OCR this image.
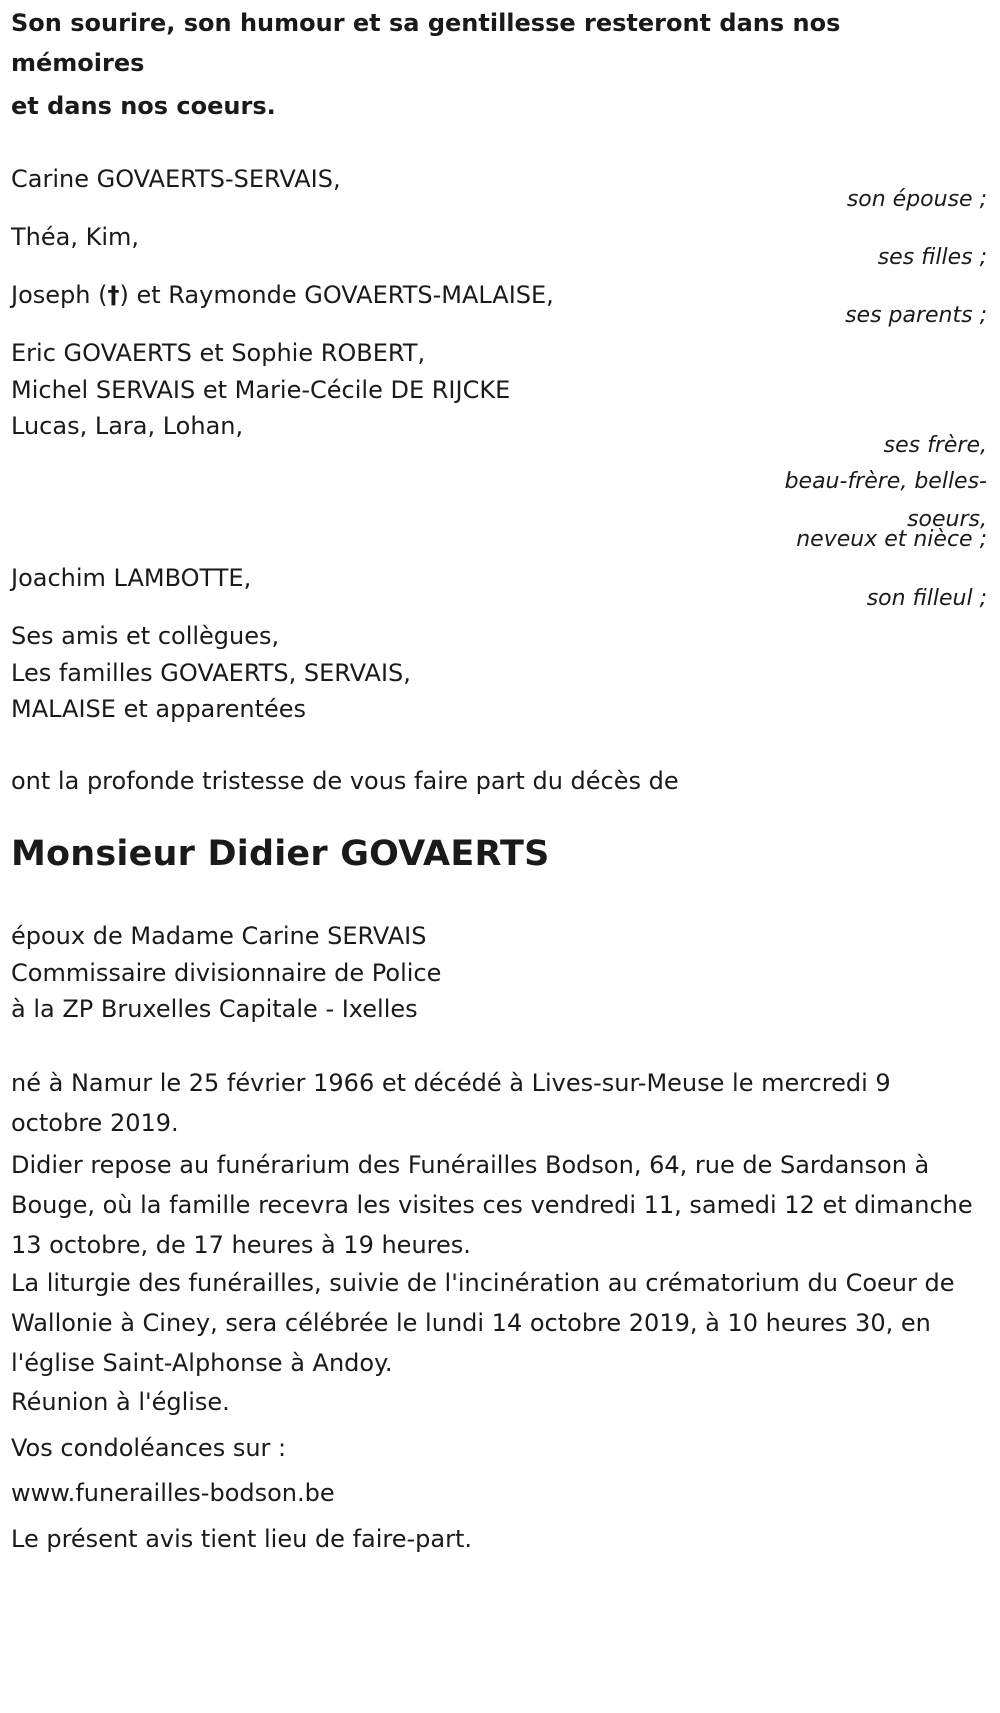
Son sourire, son humour et sa gentillesse resteront dans nos mémoires

et dans nos coeurs.

Carine GOVAERTS-SERVAIS,

son épouse ;

Théa, Kim,

ses filles ;

Joseph (†) et Raymonde GOVAERTS-MALAISE,

ses parents ;

Eric GOVAERTS et Sophie ROBERT,

Michel SERVAIS et Marie-Cécile DE RIJCKE

Lucas, Lara, Lohan,

ses frère,

beau-frère, belles-

soeurs,

neveux et nièce ;

Joachim LAMBOTTE,

son filleul ;

Ses amis et collègues,

Les familles GOVAERTS, SERVAIS,

MALAISE et apparentées

ont la profonde tristesse de vous faire part du décès de

Monsieur Didier GOVAERTS

époux de Madame Carine SERVAIS

Commissaire divisionnaire de Police

à la ZP Bruxelles Capitale - Ixelles

né à Namur le 25 février 1966 et décédé à Lives-sur-Meuse le mercredi 9 octobre 2019.

Didier repose au funérarium des Funérailles Bodson, 64, rue de Sardanson à Bouge, où la famille recevra les visites ces vendredi 11, samedi 12 et dimanche 13 octobre, de 17 heures à 19 heures.

La liturgie des funérailles, suivie de l'incinération au crématorium du Coeur de Wallonie à Ciney, sera célébrée le lundi 14 octobre 2019, à 10 heures 30, en l'église Saint-Alphonse à Andoy.

Réunion à l'église.

Vos condoléances sur :

www.funerailles-bodson.be

Le présent avis tient lieu de faire-part.
